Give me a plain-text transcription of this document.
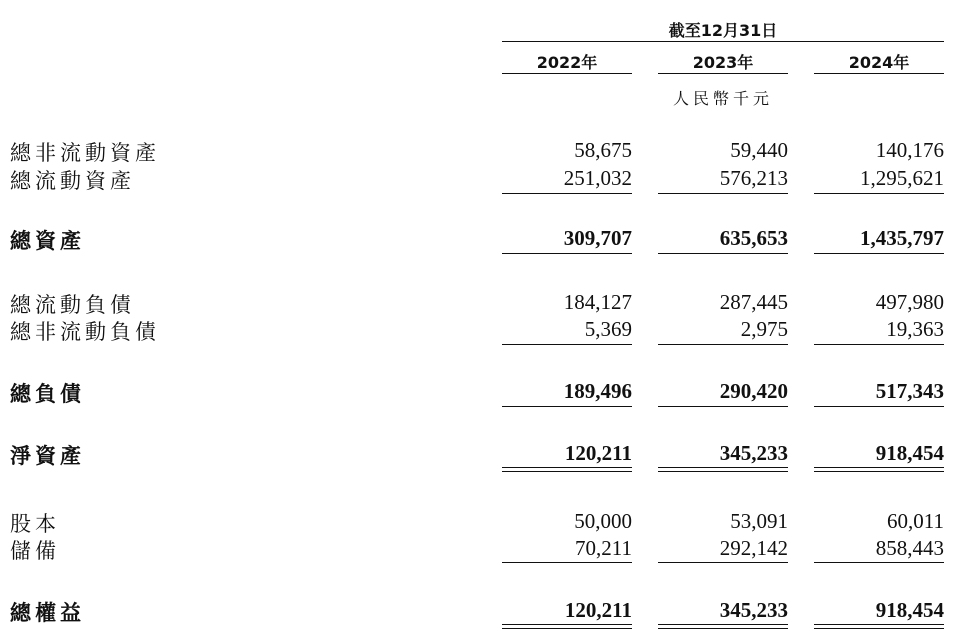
截至12月31日
2022年	2023年	2024年
人民幣千元
總非流動資產	58,675	59,440	140,176
總流動資產	251,032	576,213	1,295,621
總資產	309,707	635,653	1,435,797
總流動負債	184,127	287,445	497,980
總非流動負債	5,369	2,975	19,363
總負債	189,496	290,420	517,343
淨資產	120,211	345,233	918,454
股本	50,000	53,091	60,011
儲備	70,211	292,142	858,443
總權益	120,211	345,233	918,454
